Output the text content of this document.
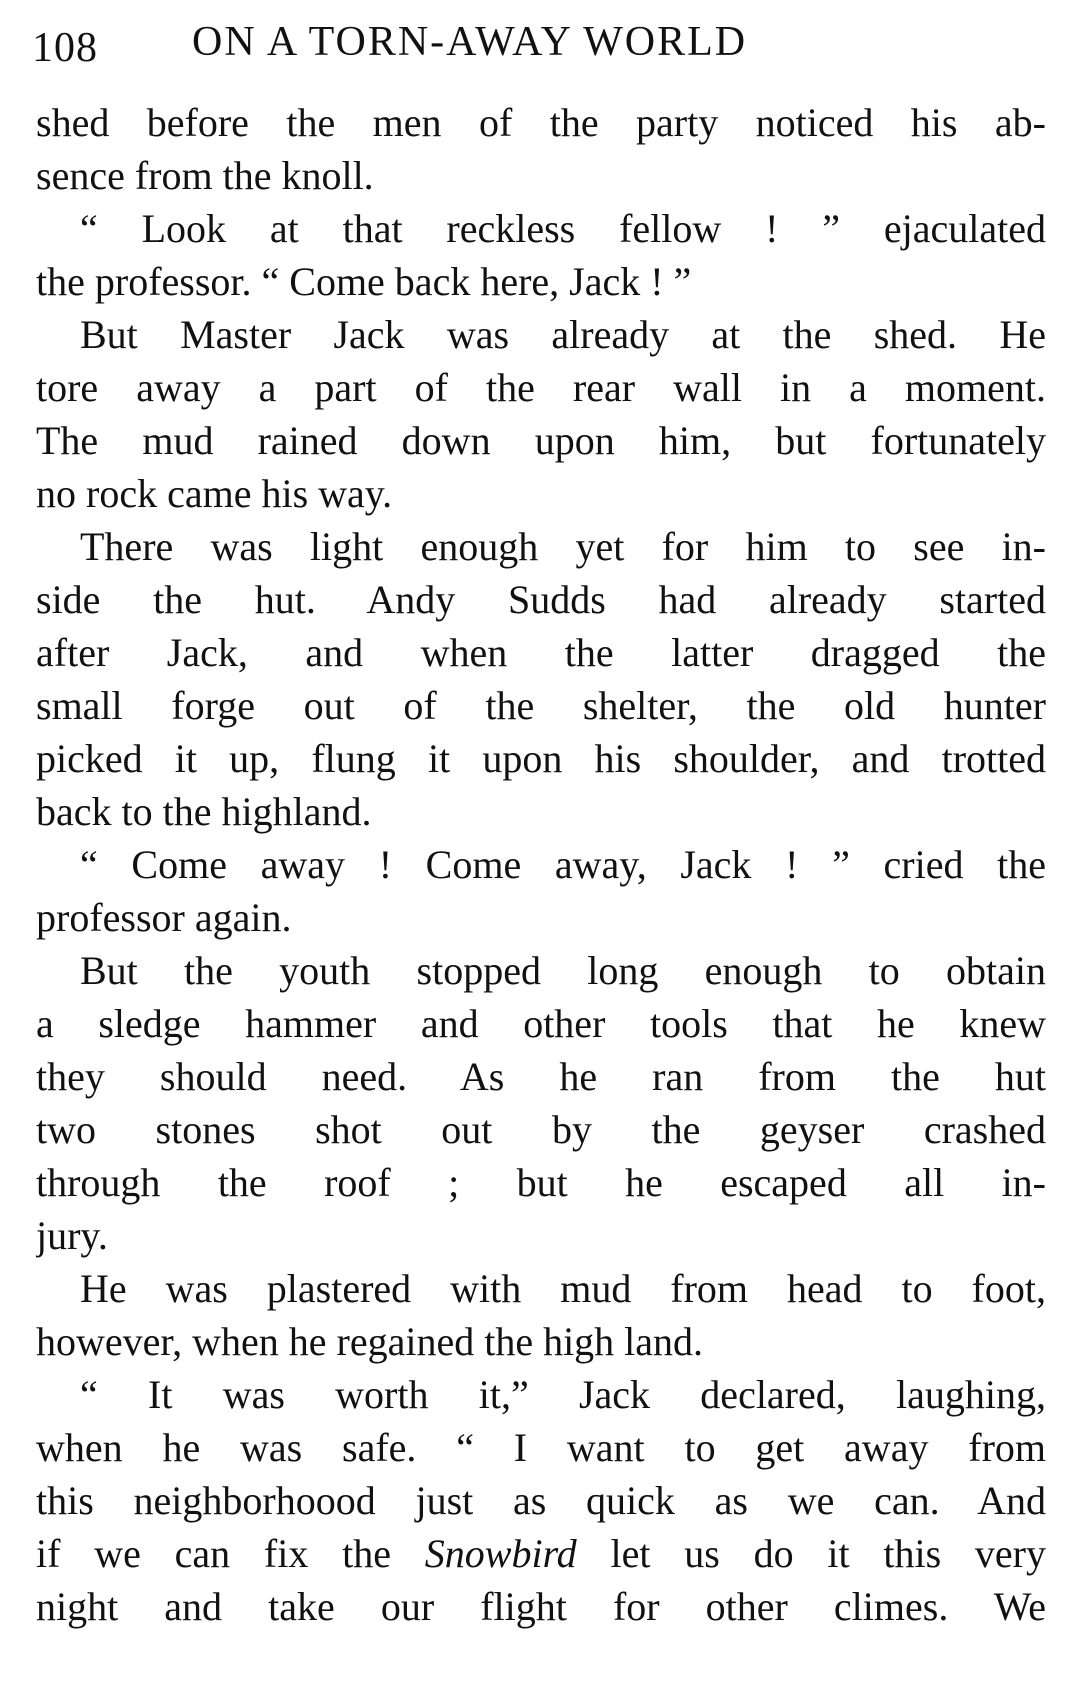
108 ON A TORN-AWAY WORLD
shed before the men of the party noticed his ab-
sence from the knoll.
“ Look at that reckless fellow ! ” ejaculated
the professor. “ Come back here, Jack ! ”
But Master Jack was already at the shed. He
tore away a part of the rear wall in a moment.
The mud rained down upon him, but fortunately
no rock came his way.
There was light enough yet for him to see in-
side the hut. Andy Sudds had already started
after Jack, and when the latter dragged the
small forge out of the shelter, the old hunter
picked it up, flung it upon his shoulder, and trotted
back to the highland.
“ Come away ! Come away, Jack ! ” cried the
professor again.
But the youth stopped long enough to obtain
a sledge hammer and other tools that he knew
they should need. As he ran from the hut
two stones shot out by the geyser crashed
through the roof ; but he escaped all in-
jury.
He was plastered with mud from head to foot,
however, when he regained the high land.
“ It was worth it,” Jack declared, laughing,
when he was safe. “ I want to get away from
this neighborhoood just as quick as we can. And
if we can fix the Snowbird let us do it this very
night and take our flight for other climes. We
